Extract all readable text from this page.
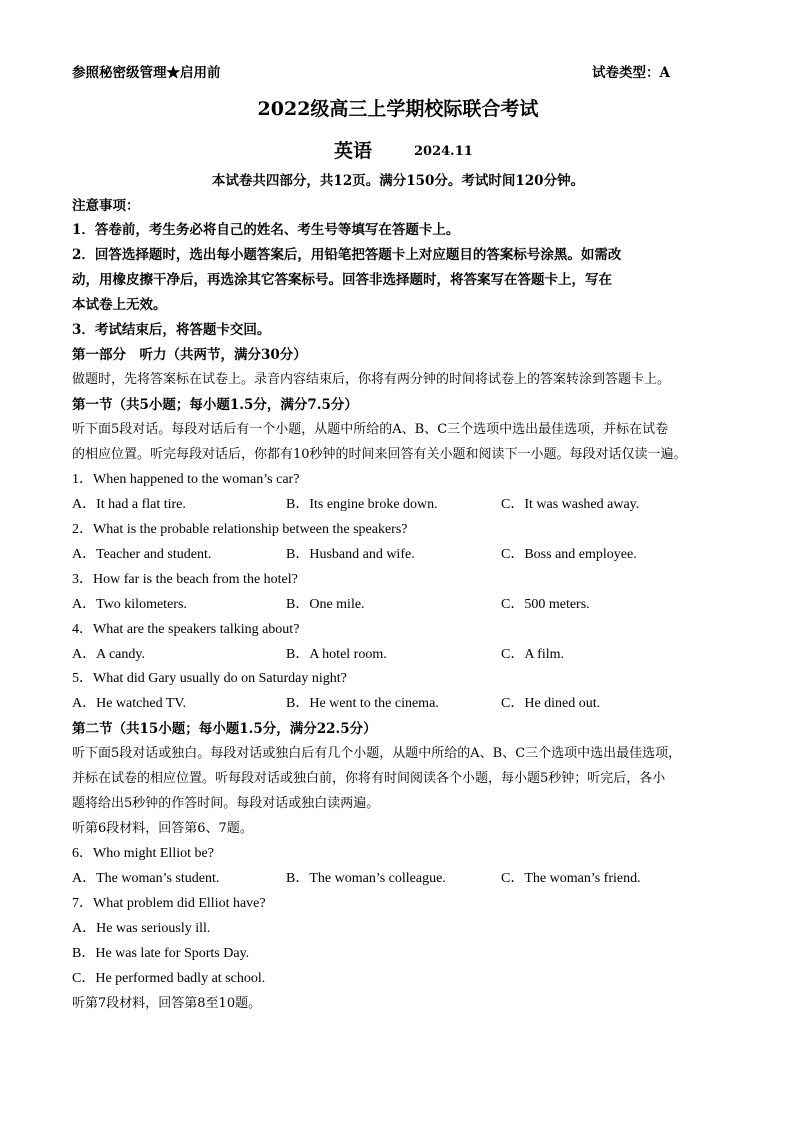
参照秘密级管理★启用前	试卷类型：A
2022级高三上学期校际联合考试
英语	2024.11
本试卷共四部分，共12页。满分150分。考试时间120分钟。
注意事项：
1．答卷前，考生务必将自己的姓名、考生号等填写在答题卡上。
2．回答选择题时，选出每小题答案后，用铅笔把答题卡上对应题目的答案标号涂黑。如需改
动，用橡皮擦干净后，再选涂其它答案标号。回答非选择题时，将答案写在答题卡上，写在
本试卷上无效。
3．考试结束后，将答题卡交回。
第一部分　听力（共两节，满分30分）
做题时，先将答案标在试卷上。录音内容结束后，你将有两分钟的时间将试卷上的答案转涂到答题卡上。
第一节（共5小题；每小题1.5分，满分7.5分）
听下面5段对话。每段对话后有一个小题，从题中所给的A、B、C三个选项中选出最佳选项，并标在试卷
的相应位置。听完每段对话后，你都有10秒钟的时间来回答有关小题和阅读下一小题。每段对话仅读一遍。
1．When happened to the woman’s car?
A．It had a flat tire.	B．Its engine broke down.	C．It was washed away.
2．What is the probable relationship between the speakers?
A．Teacher and student.	B．Husband and wife.	C．Boss and employee.
3．How far is the beach from the hotel?
A．Two kilometers.	B．One mile.	C．500 meters.
4．What are the speakers talking about?
A．A candy.	B．A hotel room.	C．A film.
5．What did Gary usually do on Saturday night?
A．He watched TV.	B．He went to the cinema.	C．He dined out.
第二节（共15小题；每小题1.5分，满分22.5分）
听下面5段对话或独白。每段对话或独白后有几个小题，从题中所给的A、B、C三个选项中选出最佳选项，
并标在试卷的相应位置。听每段对话或独白前，你将有时间阅读各个小题，每小题5秒钟；听完后，各小
题将给出5秒钟的作答时间。每段对话或独白读两遍。
听第6段材料，回答第6、7题。
6．Who might Elliot be?
A．The woman’s student.	B．The woman’s colleague.	C．The woman’s friend.
7．What problem did Elliot have?
A．He was seriously ill.
B．He was late for Sports Day.
C．He performed badly at school.
听第7段材料，回答第8至10题。
